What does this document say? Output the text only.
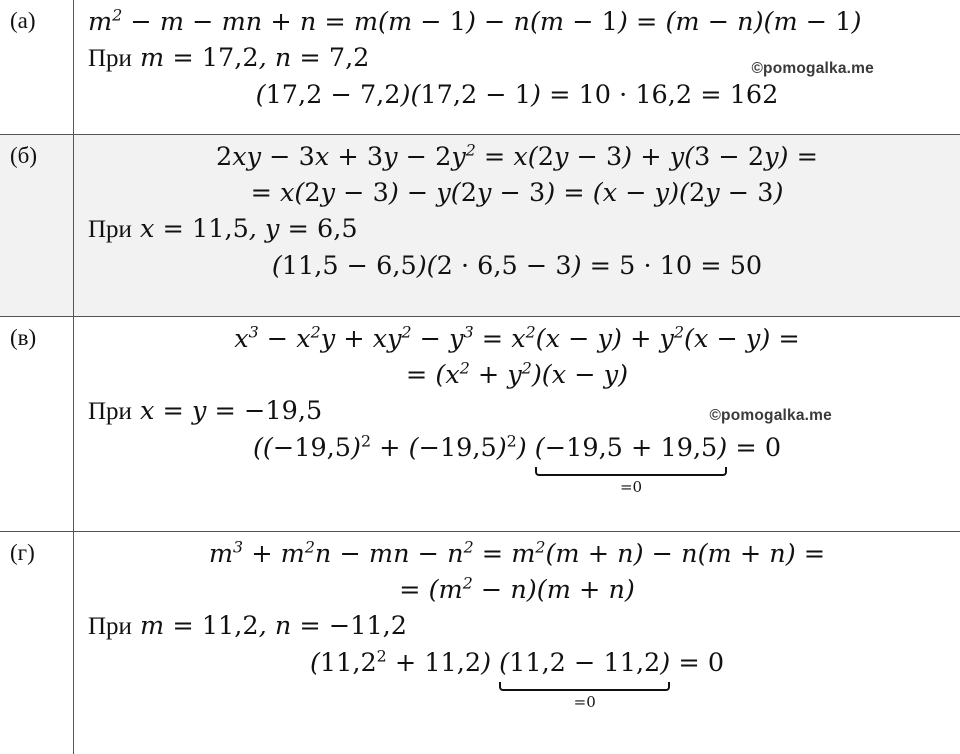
(а)	$m^2 - m$ − mn + n = m(m − 1) − n(m − 1) = (m − n)(m − 1)
При m = 17,2, n = 7,2
(17,2 − 7,2)(17,2 − 1) = 10 · 16,2 = 162
©pomogalka.me
(б)	$2xy - 3x + 3y - 2y^2 = x(2y - 3) + y(3 - 2y)$ =
= x(2y − 3) − y(2y − 3) = (x − y)(2y − 3)
При x = 11,5, y = 6,5
(11,5 − 6,5)(2 · 6,5 − 3) = 5 · 10 = 50
(в)	$x^3 - x^2y + xy^2 - y^3 = x^2(x - y) + y^2(x - y)$ =
= $(x^2 + y^2)(x - y)$
При x = y = −19,5
$((-19,5)^2 + (-19,5)^2) (-19,5 + 19,5)$
=0
= 0
©pomogalka.me
(г)	$m^3 + m^2n$ − mn − $n^2 = m^2(m + n) - n(m + n)$ =
= $(m^2 - n)(m + n)$
При m = 11,2, n = −11,2
$(11,2^2 + 11,2) (11,2 - 11,2)$
=0
= 0
